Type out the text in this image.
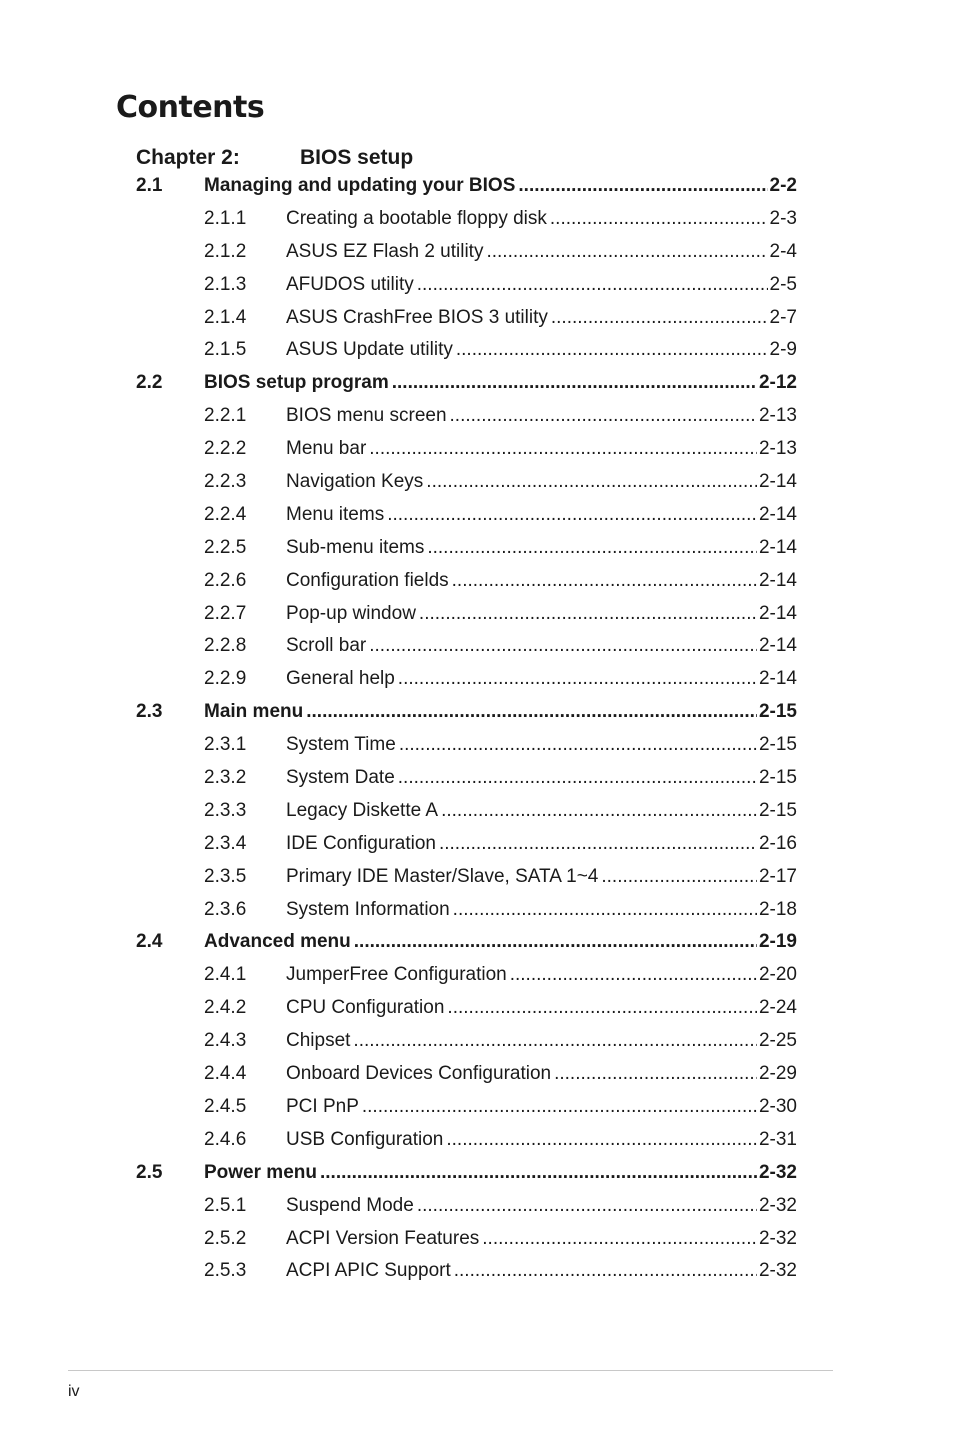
Contents
Chapter 2:	BIOS setup
2.1	Managing and updating your BIOS .....	2-2
2.1.1	Creating a bootable floppy disk .....	2-3
2.1.2	ASUS EZ Flash 2 utility .....	2-4
2.1.3	AFUDOS utility .....	2-5
2.1.4	ASUS CrashFree BIOS 3 utility .....	2-7
2.1.5	ASUS Update utility .....	2-9
2.2	BIOS setup program .....	2-12
2.2.1	BIOS menu screen .....	2-13
2.2.2	Menu bar .....	2-13
2.2.3	Navigation Keys .....	2-14
2.2.4	Menu items .....	2-14
2.2.5	Sub-menu items .....	2-14
2.2.6	Configuration fields .....	2-14
2.2.7	Pop-up window .....	2-14
2.2.8	Scroll bar .....	2-14
2.2.9	General help .....	2-14
2.3	Main menu .....	2-15
2.3.1	System Time .....	2-15
2.3.2	System Date .....	2-15
2.3.3	Legacy Diskette A .....	2-15
2.3.4	IDE Configuration .....	2-16
2.3.5	Primary IDE Master/Slave, SATA 1~4 .....	2-17
2.3.6	System Information .....	2-18
2.4	Advanced menu .....	2-19
2.4.1	JumperFree Configuration .....	2-20
2.4.2	CPU Configuration .....	2-24
2.4.3	Chipset .....	2-25
2.4.4	Onboard Devices Configuration .....	2-29
2.4.5	PCI PnP .....	2-30
2.4.6	USB Configuration .....	2-31
2.5	Power menu .....	2-32
2.5.1	Suspend Mode .....	2-32
2.5.2	ACPI Version Features .....	2-32
2.5.3	ACPI APIC Support .....	2-32
iv
